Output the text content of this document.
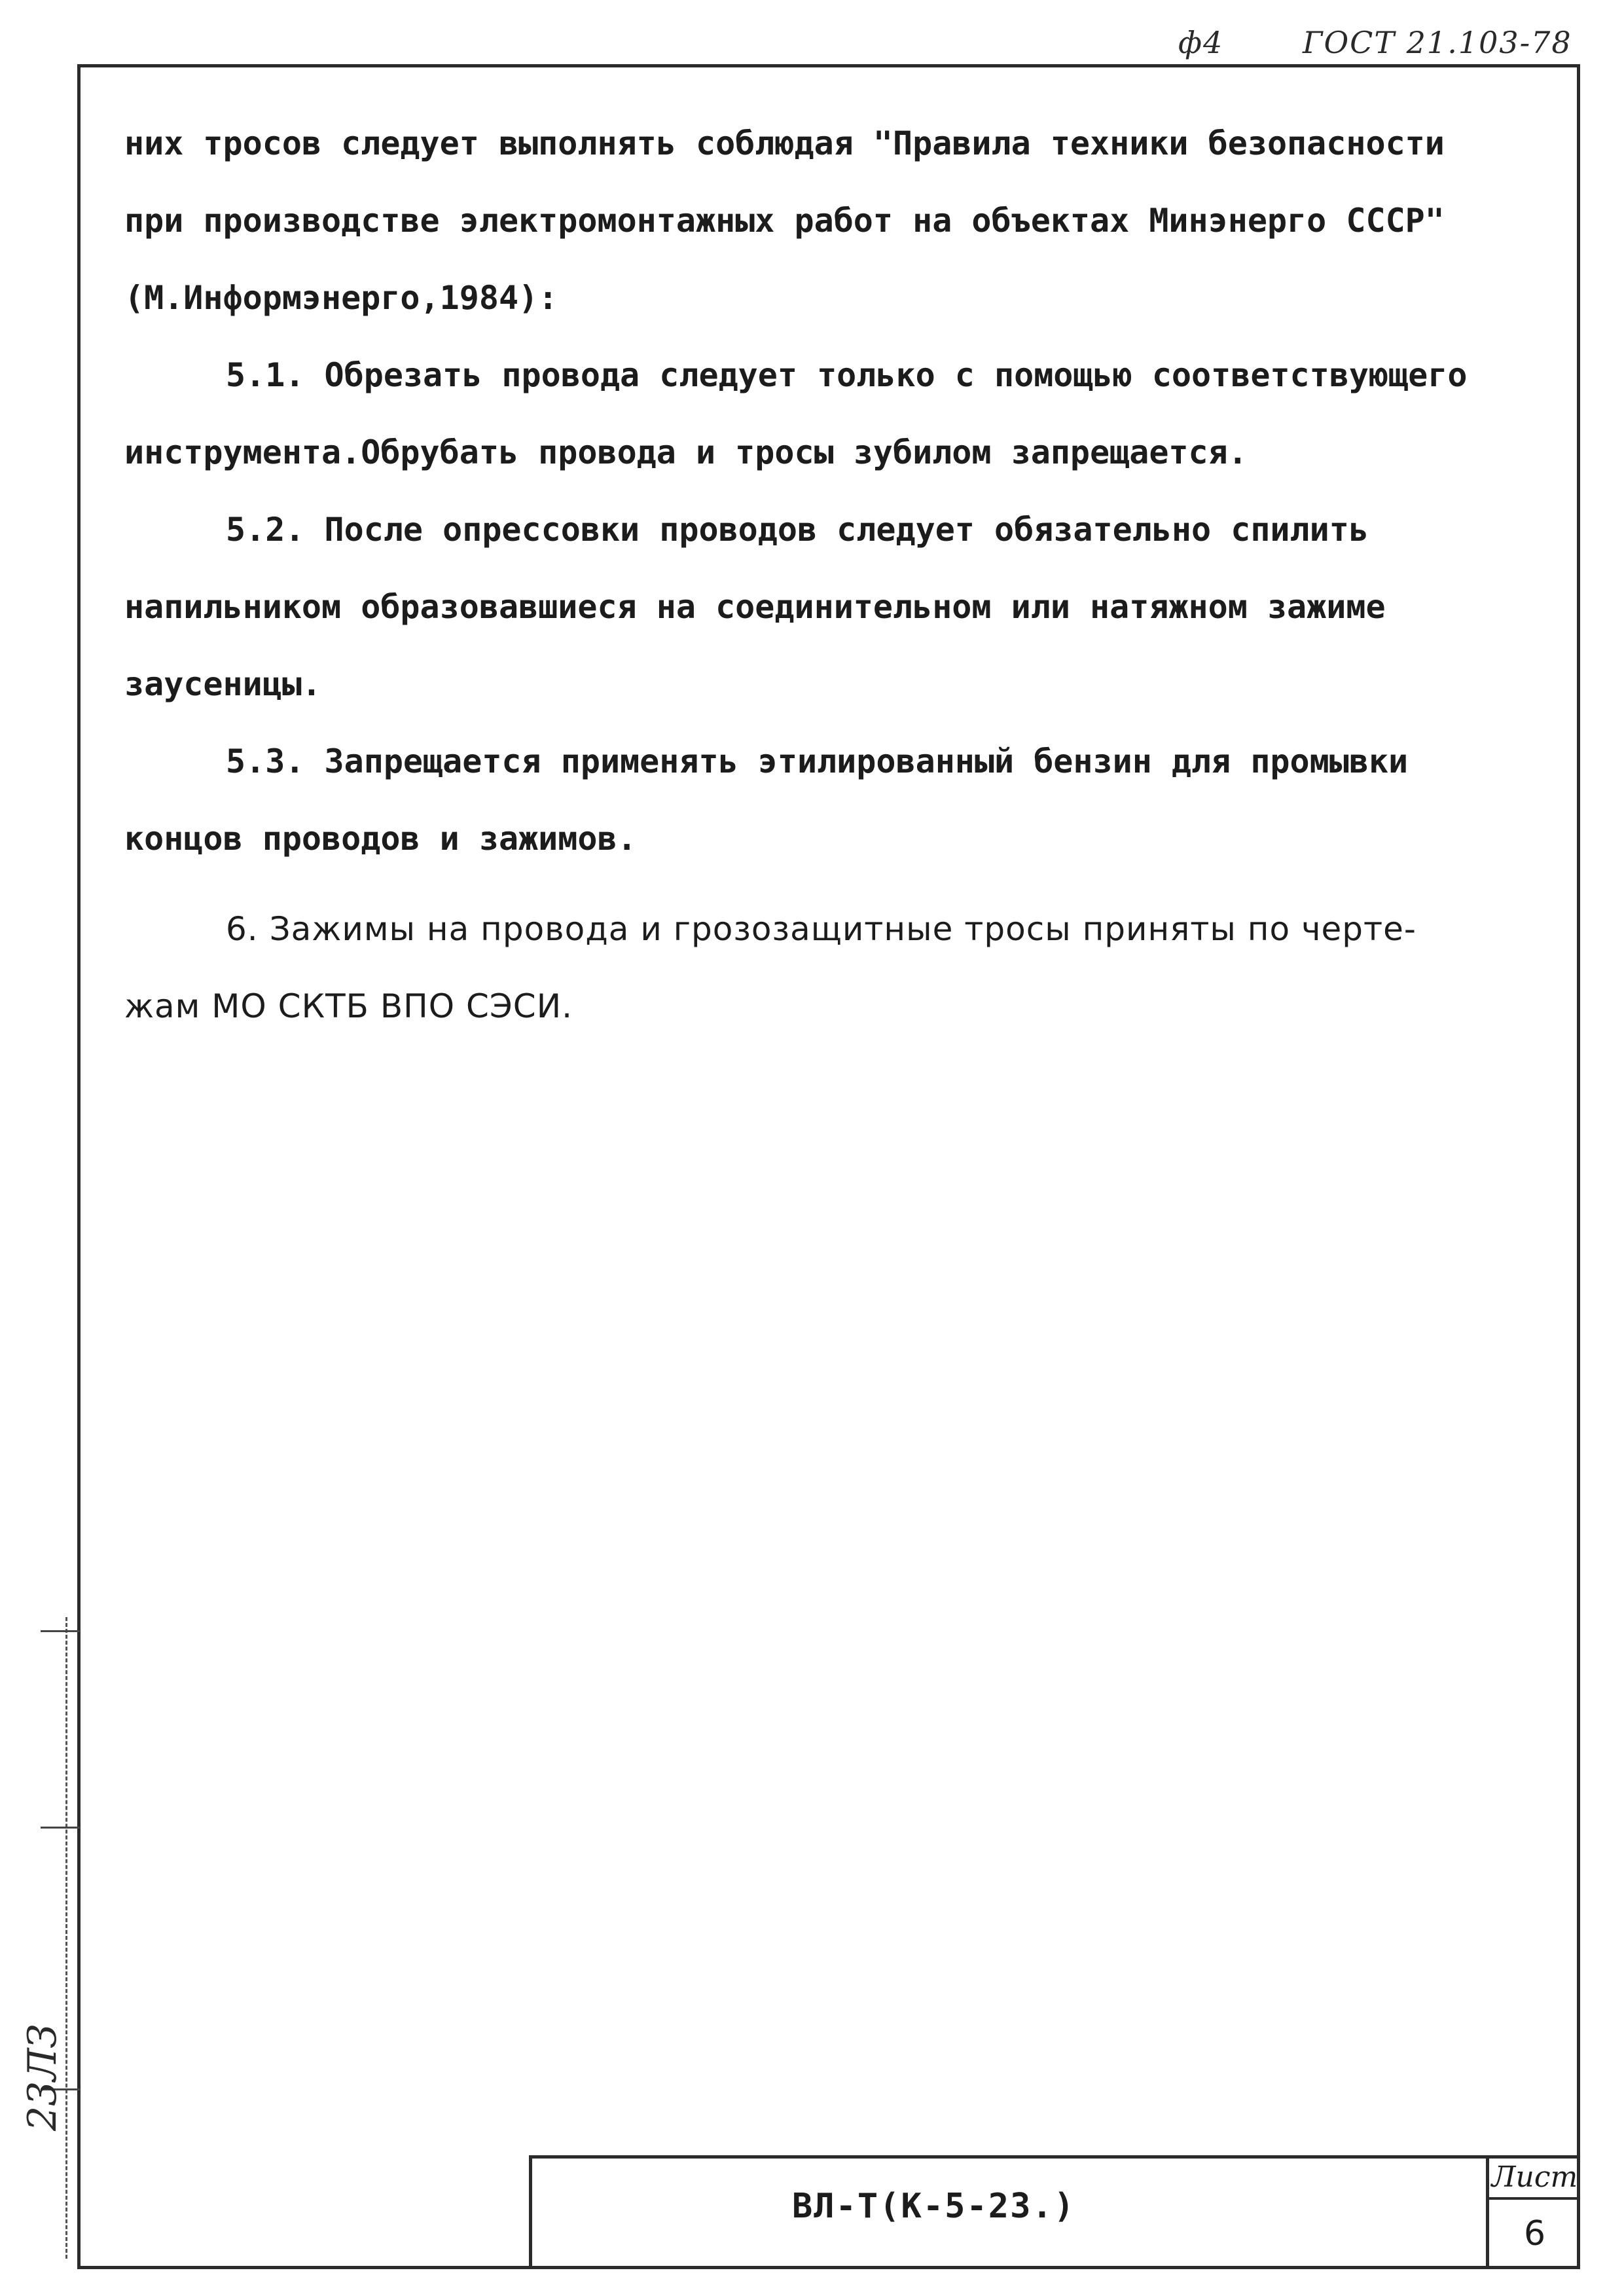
ф4	ГОСТ 21.103-78

них тросов следует выполнять соблюдая "Правила техники безопасности

при производстве электромонтажных работ на объектах Минэнерго СССР"

(М.Информэнерго,1984):

5.1. Обрезать провода следует только с помощью соответствующего

инструмента.Обрубать провода и тросы зубилом запрещается.

5.2. После опрессовки проводов следует обязательно спилить

напильником образовавшиеся на соединительном или натяжном зажиме

заусеницы.

5.3. Запрещается применять этилированный бензин для промывки

концов проводов и зажимов.

6. Зажимы на провода и грозозащитные тросы приняты по черте-

жам МО СКТБ ВПО СЭСИ.

23ЛЗ
ВЛ-Т(К-5-23.)
Лист
6
